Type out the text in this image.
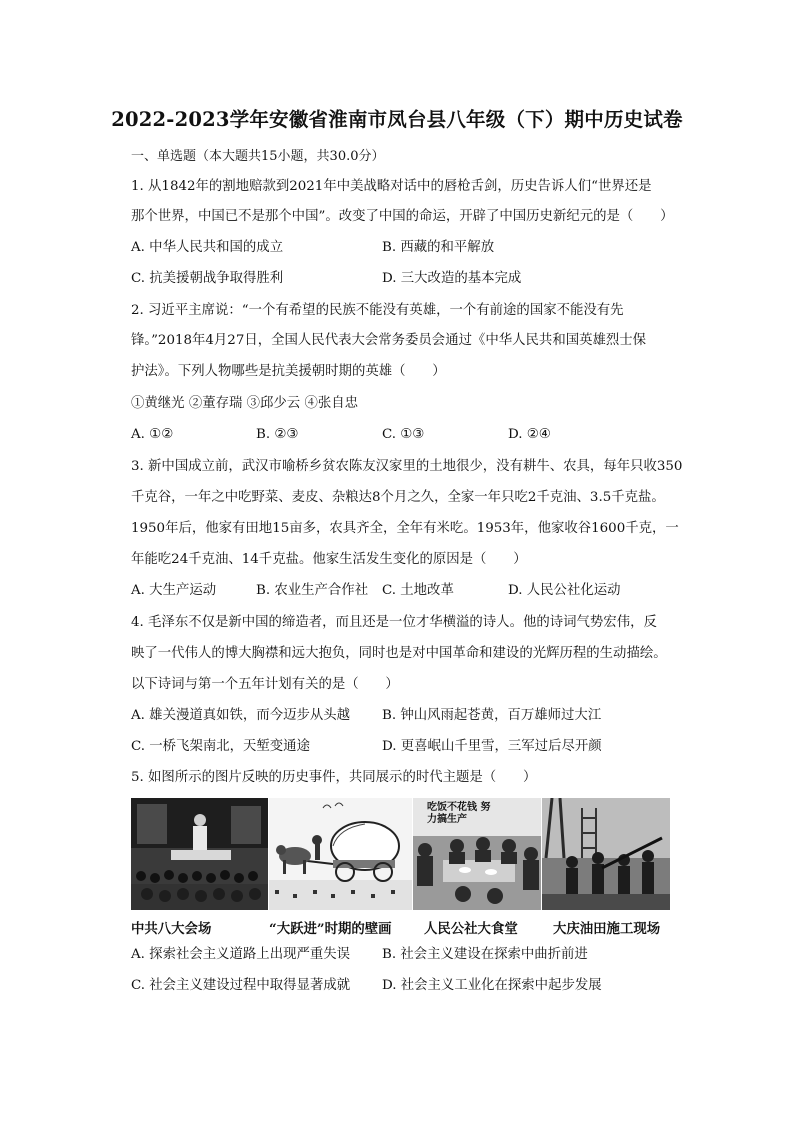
2022-2023学年安徽省淮南市凤台县八年级（下）期中历史试卷
一、单选题（本大题共15小题，共30.0分）
1. 从1842年的割地赔款到2021年中美战略对话中的唇枪舌剑，历史告诉人们“世界还是
那个世界，中国已不是那个中国”。改变了中国的命运，开辟了中国历史新纪元的是（　　）
A. 中华人民共和国的成立	B. 西藏的和平解放
C. 抗美援朝战争取得胜利	D. 三大改造的基本完成
2. 习近平主席说：“一个有希望的民族不能没有英雄，一个有前途的国家不能没有先
锋。”2018年4月27日，全国人民代表大会常务委员会通过《中华人民共和国英雄烈士保
护法》。下列人物哪些是抗美援朝时期的英雄（　　）
①黄继光 ②董存瑞 ③邱少云 ④张自忠
A. ①②	B. ②③	C. ①③	D. ②④
3. 新中国成立前，武汉市喻桥乡贫农陈友汉家里的土地很少，没有耕牛、农具，每年只收350
千克谷，一年之中吃野菜、麦皮、杂粮达8个月之久，全家一年只吃2千克油、3.5千克盐。
1950年后，他家有田地15亩多，农具齐全，全年有米吃。1953年，他家收谷1600千克，一
年能吃24千克油、14千克盐。他家生活发生变化的原因是（　　）
A. 大生产运动	B. 农业生产合作社 C. 土地改革	D. 人民公社化运动
4. 毛泽东不仅是新中国的缔造者，而且还是一位才华横溢的诗人。他的诗词气势宏伟，反
映了一代伟人的博大胸襟和远大抱负，同时也是对中国革命和建设的光辉历程的生动描绘。
以下诗词与第一个五年计划有关的是（　　）
A. 雄关漫道真如铁，而今迈步从头越 B. 钟山风雨起苍黄，百万雄师过大江
C. 一桥飞架南北，天堑变通途	D. 更喜岷山千里雪，三军过后尽开颜
5. 如图所示的图片反映的历史事件，共同展示的时代主题是（　　）
吃饭不花钱 努力搞生产
中共八大会场	“大跃进”时期的壁画 人民公社大食堂	大庆油田施工现场
A. 探索社会主义道路上出现严重失误 B. 社会主义建设在探索中曲折前进
C. 社会主义建设过程中取得显著成就 D. 社会主义工业化在探索中起步发展
